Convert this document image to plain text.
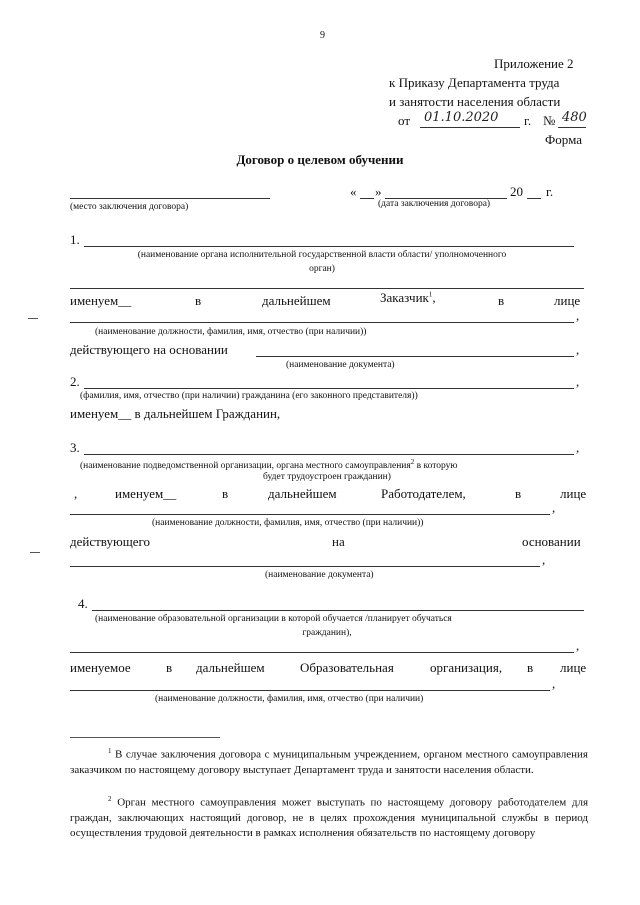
9
Приложение 2
к Приказу Департамента труда
и занятости населения области
от 01.10.2020 г. № 480
Форма
Договор о целевом обучении
« »	20 г.
(место заключения договора)	(дата заключения договора)
1.
(наименование органа исполнительной государственной власти области/ уполномоченного
орган)
именуем__	в	дальнейшем	Заказчик$^1$,	в	лице
,
(наименование должности, фамилия, имя, отчество (при наличии))
действующего на основании	,
(наименование документа)
2.	,
(фамилия, имя, отчество (при наличии) гражданина (его законного представителя))
именуем__ в дальнейшем Гражданин,
3.	,
(наименование подведомственной организации, органа местного самоуправления$^2$ в которую
будет трудоустроен гражданин)
,	именуем__	в	дальнейшем	Работодателем,	в	лице
,
(наименование должности, фамилия, имя, отчество (при наличии))
действующего	на	основании
,
(наименование документа)
4.
(наименование образовательной организации в которой обучается /планирует обучаться
гражданин),
,
именуемое	в дальнейшем	Образовательная	организация, в лице
,
(наименование должности, фамилия, имя, отчество (при наличии)
$^1$ В случае заключения договора с муниципальным учреждением, органом местного самоуправления заказчиком по настоящему договору выступает Департамент труда и занятости населения области.
$^2$ Орган местного самоуправления может выступать по настоящему договору работодателем для граждан, заключающих настоящий договор, не в целях прохождения муниципальной службы в период осуществления трудовой деятельности в рамках исполнения обязательств по настоящему договору
